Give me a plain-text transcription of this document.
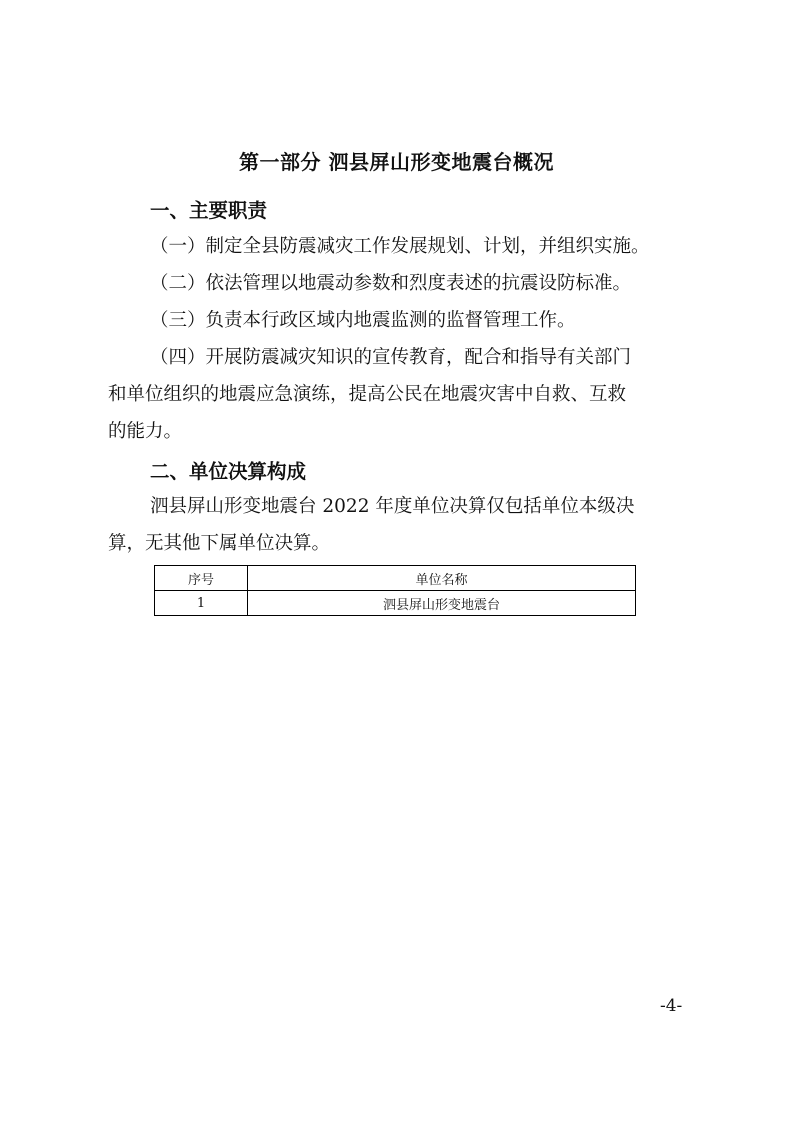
第一部分 泗县屏山形变地震台概况
一、主要职责
（一）制定全县防震减灾工作发展规划、计划，并组织实施。
（二）依法管理以地震动参数和烈度表述的抗震设防标准。
（三）负责本行政区域内地震监测的监督管理工作。
（四）开展防震减灾知识的宣传教育，配合和指导有关部门
和单位组织的地震应急演练，提高公民在地震灾害中自救、互救
的能力。
二、单位决算构成
泗县屏山形变地震台 2022 年度单位决算仅包括单位本级决
算，无其他下属单位决算。
序号	单位名称
1	泗县屏山形变地震台
-4-
